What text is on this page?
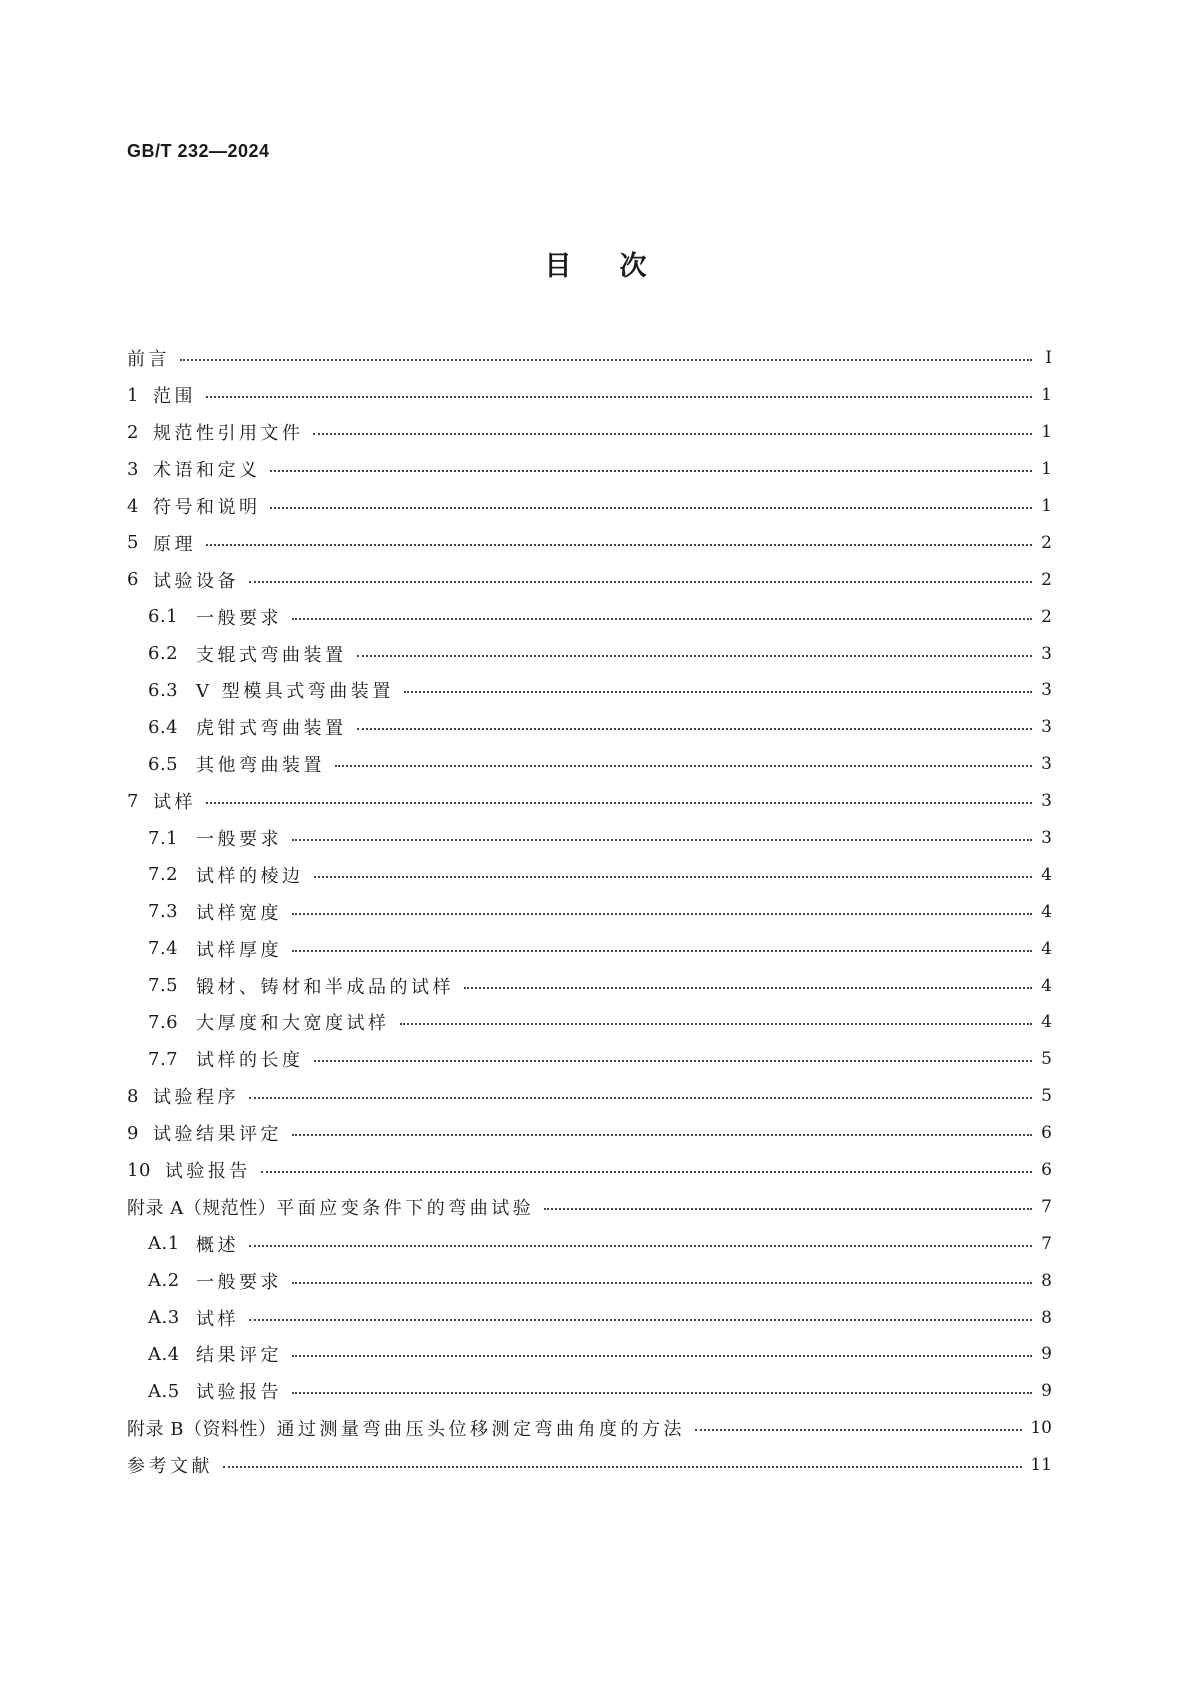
GB/T 232—2024
目次
前言	Ⅰ
1 范围	1
2 规范性引用文件	1
3 术语和定义	1
4 符号和说明	1
5 原理	2
6 试验设备	2
6.1 一般要求	2
6.2 支辊式弯曲装置	3
6.3 V 型模具式弯曲装置	3
6.4 虎钳式弯曲装置	3
6.5 其他弯曲装置	3
7 试样	3
7.1 一般要求	3
7.2 试样的棱边	4
7.3 试样宽度	4
7.4 试样厚度	4
7.5 锻材、铸材和半成品的试样	4
7.6 大厚度和大宽度试样	4
7.7 试样的长度	5
8 试验程序	5
9 试验结果评定	6
10 试验报告	6
附录 A（规范性） 平面应变条件下的弯曲试验	7
A.1 概述	7
A.2 一般要求	8
A.3 试样	8
A.4 结果评定	9
A.5 试验报告	9
附录 B（资料性） 通过测量弯曲压头位移测定弯曲角度的方法	10
参考文献	11
